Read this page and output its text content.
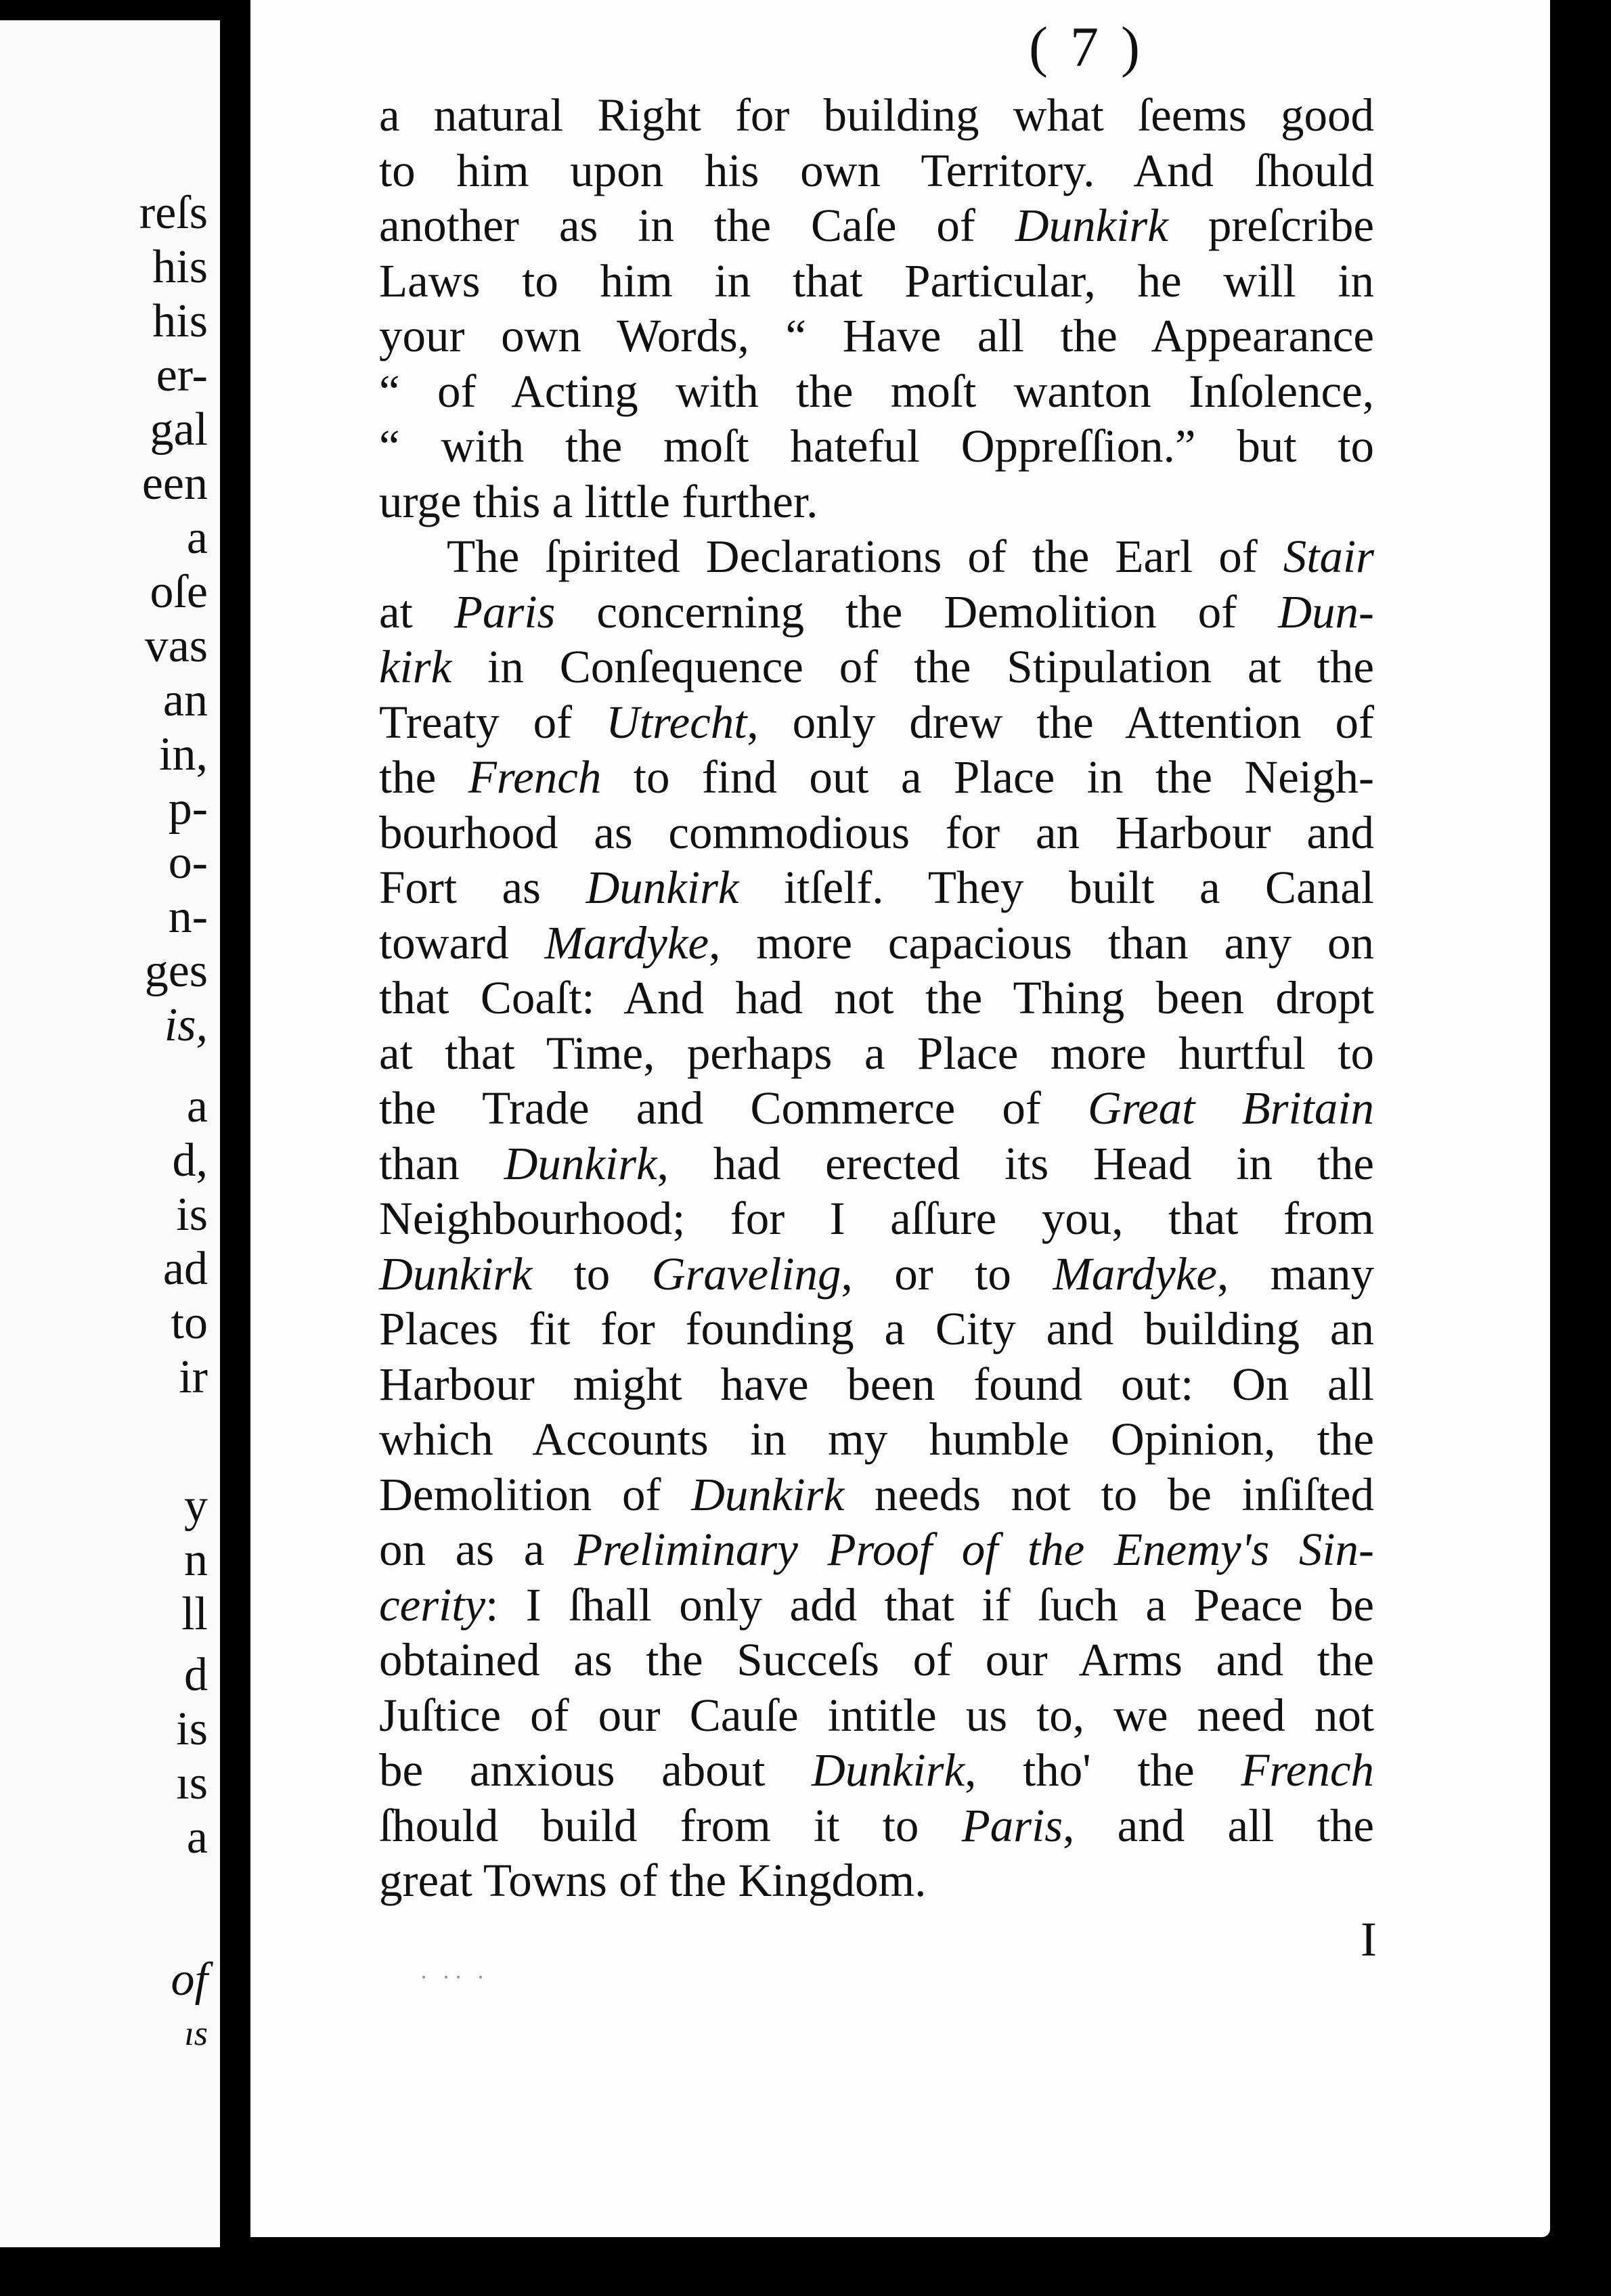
reſs
his
his
er-
gal
een
a
oſe
vas
an
in,
p-
o-
n-
ges
is,
a
d,
is
ad
to
ir
y
n
ll
d
is
ıs
a
of
ıs
( 7 )
a natural Right for building what ſeems good
to him upon his own Territory. And ſhould
another as in the Caſe of Dunkirk preſcribe
Laws to him in that Particular, he will in
your own Words, “ Have all the Appearance
“ of Acting with the moſt wanton Inſolence,
“ with the moſt hateful Oppreſſion.” but to
urge this a little further.
The ſpirited Declarations of the Earl of Stair
at Paris concerning the Demolition of Dun-
kirk in Conſequence of the Stipulation at the
Treaty of Utrecht, only drew the Attention of
the French to find out a Place in the Neigh-
bourhood as commodious for an Harbour and
Fort as Dunkirk itſelf. They built a Canal
toward Mardyke, more capacious than any on
that Coaſt: And had not the Thing been dropt
at that Time, perhaps a Place more hurtful to
the Trade and Commerce of Great Britain
than Dunkirk, had erected its Head in the
Neighbourhood; for I aſſure you, that from
Dunkirk to Graveling, or to Mardyke, many
Places fit for founding a City and building an
Harbour might have been found out: On all
which Accounts in my humble Opinion, the
Demolition of Dunkirk needs not to be inſiſted
on as a Preliminary Proof of the Enemy's Sin-
cerity: I ſhall only add that if ſuch a Peace be
obtained as the Succeſs of our Arms and the
Juſtice of our Cauſe intitle us to, we need not
be anxious about Dunkirk, tho' the French
ſhould build from it to Paris, and all the
great Towns of the Kingdom.
I
· ·· ·
